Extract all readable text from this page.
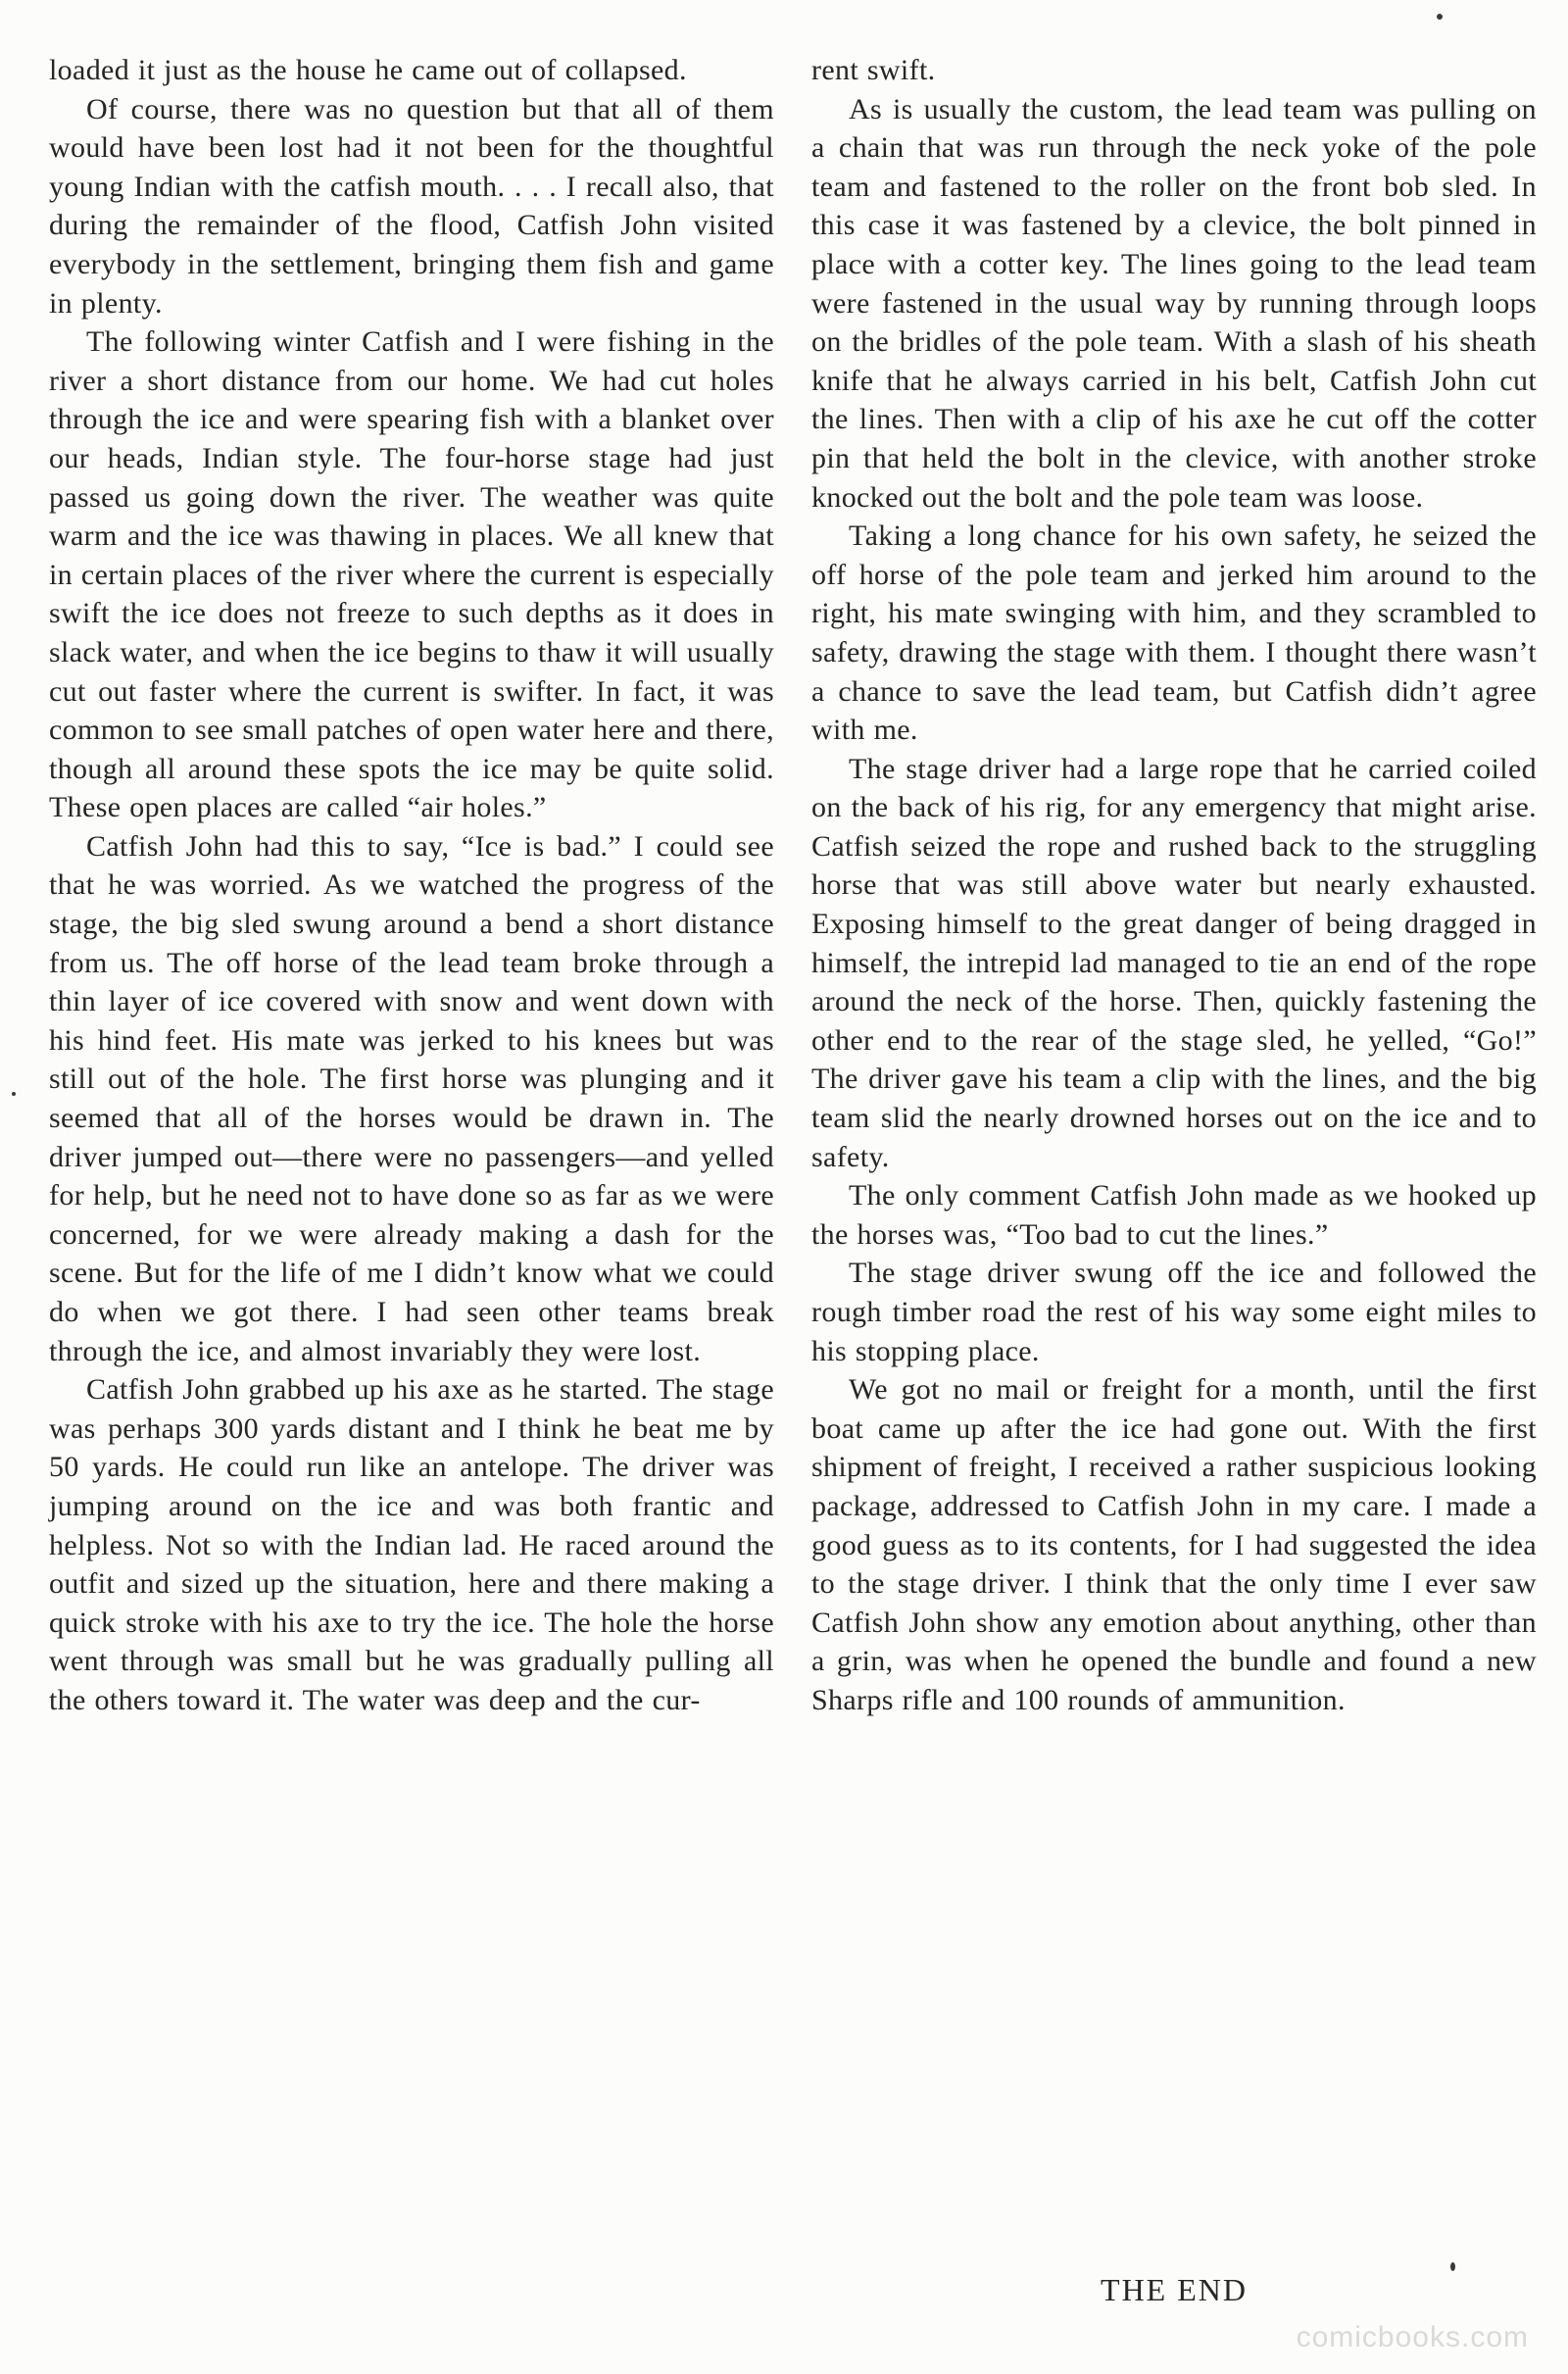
loaded it just as the house he came out of collapsed.

Of course, there was no question but that all of them would have been lost had it not been for the thoughtful young Indian with the catfish mouth. . . . I recall also, that during the remainder of the flood, Catfish John visited everybody in the settlement, bringing them fish and game in plenty.

The following winter Catfish and I were fishing in the river a short distance from our home. We had cut holes through the ice and were spearing fish with a blanket over our heads, Indian style. The four-horse stage had just passed us going down the river. The weather was quite warm and the ice was thawing in places. We all knew that in certain places of the river where the current is especially swift the ice does not freeze to such depths as it does in slack water, and when the ice begins to thaw it will usually cut out faster where the current is swifter. In fact, it was common to see small patches of open water here and there, though all around these spots the ice may be quite solid. These open places are called “air holes.”

Catfish John had this to say, “Ice is bad.” I could see that he was worried. As we watched the progress of the stage, the big sled swung around a bend a short distance from us. The off horse of the lead team broke through a thin layer of ice covered with snow and went down with his hind feet. His mate was jerked to his knees but was still out of the hole. The first horse was plunging and it seemed that all of the horses would be drawn in. The driver jumped out—there were no passengers—and yelled for help, but he need not to have done so as far as we were concerned, for we were already making a dash for the scene. But for the life of me I didn’t know what we could do when we got there. I had seen other teams break through the ice, and almost invariably they were lost.

Catfish John grabbed up his axe as he started. The stage was perhaps 300 yards distant and I think he beat me by 50 yards. He could run like an antelope. The driver was jumping around on the ice and was both frantic and helpless. Not so with the Indian lad. He raced around the outfit and sized up the situation, here and there making a quick stroke with his axe to try the ice. The hole the horse went through was small but he was gradually pulling all the others toward it. The water was deep and the cur-

rent swift.

As is usually the custom, the lead team was pulling on a chain that was run through the neck yoke of the pole team and fastened to the roller on the front bob sled. In this case it was fastened by a clevice, the bolt pinned in place with a cotter key. The lines going to the lead team were fastened in the usual way by running through loops on the bridles of the pole team. With a slash of his sheath knife that he always carried in his belt, Catfish John cut the lines. Then with a clip of his axe he cut off the cotter pin that held the bolt in the clevice, with another stroke knocked out the bolt and the pole team was loose.

Taking a long chance for his own safety, he seized the off horse of the pole team and jerked him around to the right, his mate swinging with him, and they scrambled to safety, drawing the stage with them. I thought there wasn’t a chance to save the lead team, but Catfish didn’t agree with me.

The stage driver had a large rope that he carried coiled on the back of his rig, for any emergency that might arise. Catfish seized the rope and rushed back to the struggling horse that was still above water but nearly exhausted. Exposing himself to the great danger of being dragged in himself, the intrepid lad managed to tie an end of the rope around the neck of the horse. Then, quickly fastening the other end to the rear of the stage sled, he yelled, “Go!” The driver gave his team a clip with the lines, and the big team slid the nearly drowned horses out on the ice and to safety.

The only comment Catfish John made as we hooked up the horses was, “Too bad to cut the lines.”

The stage driver swung off the ice and followed the rough timber road the rest of his way some eight miles to his stopping place.

We got no mail or freight for a month, until the first boat came up after the ice had gone out. With the first shipment of freight, I received a rather suspicious looking package, addressed to Catfish John in my care. I made a good guess as to its contents, for I had suggested the idea to the stage driver. I think that the only time I ever saw Catfish John show any emotion about anything, other than a grin, was when he opened the bundle and found a new Sharps rifle and 100 rounds of ammunition.

THE END
comicbooks.com
